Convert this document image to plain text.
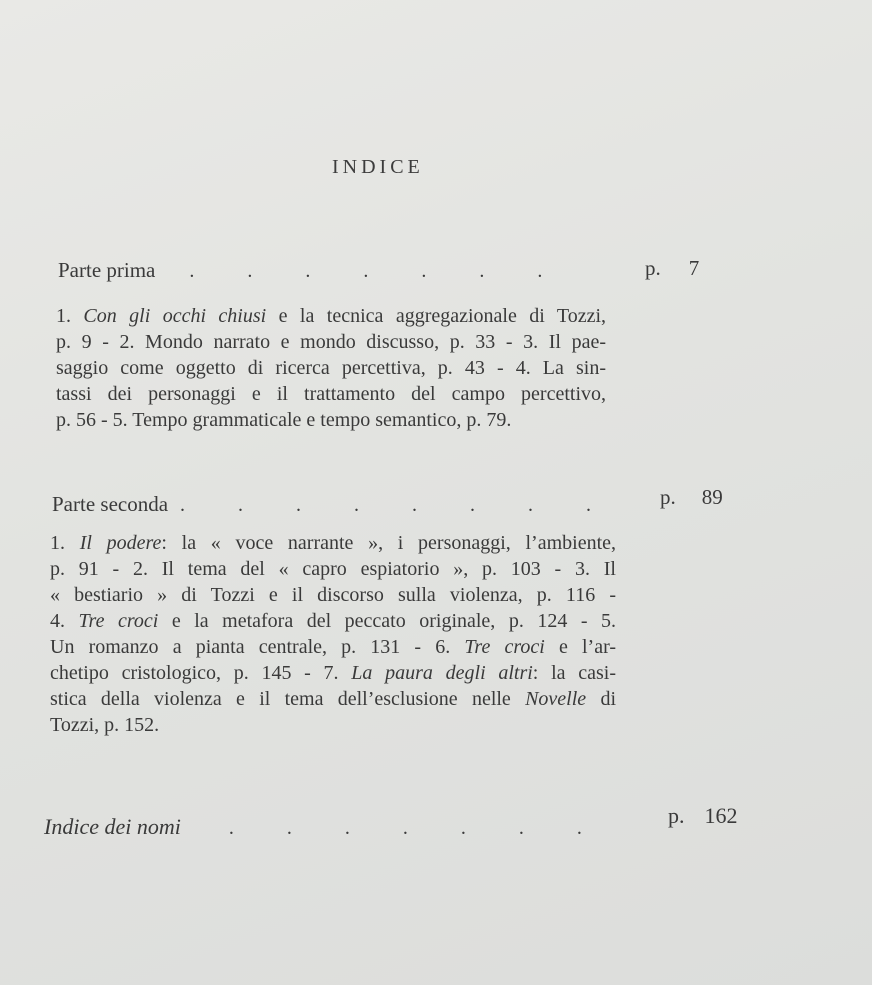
INDICE
Parte prima .	.	.	.	.	.	.	p. 7
1. Con gli occhi chiusi e la tecnica aggregazionale di Tozzi,
p. 9 - 2. Mondo narrato e mondo discusso, p. 33 - 3. Il pae-
saggio come oggetto di ricerca percettiva, p. 43 - 4. La sin-
tassi dei personaggi e il trattamento del campo percettivo,
p. 56 - 5. Tempo grammaticale e tempo semantico, p. 79.
Parte seconda .	.	.	.	.	.	.	.	p. 89
1. Il podere: la « voce narrante », i personaggi, l’ambiente,
p. 91 - 2. Il tema del « capro espiatorio », p. 103 - 3. Il
« bestiario » di Tozzi e il discorso sulla violenza, p. 116 -
4. Tre croci e la metafora del peccato originale, p. 124 - 5.
Un romanzo a pianta centrale, p. 131 - 6. Tre croci e l’ar-
chetipo cristologico, p. 145 - 7. La paura degli altri: la casi-
stica della violenza e il tema dell’esclusione nelle Novelle di
Tozzi, p. 152.
Indice dei nomi .	.	.	.	.	.	.	p. 162
